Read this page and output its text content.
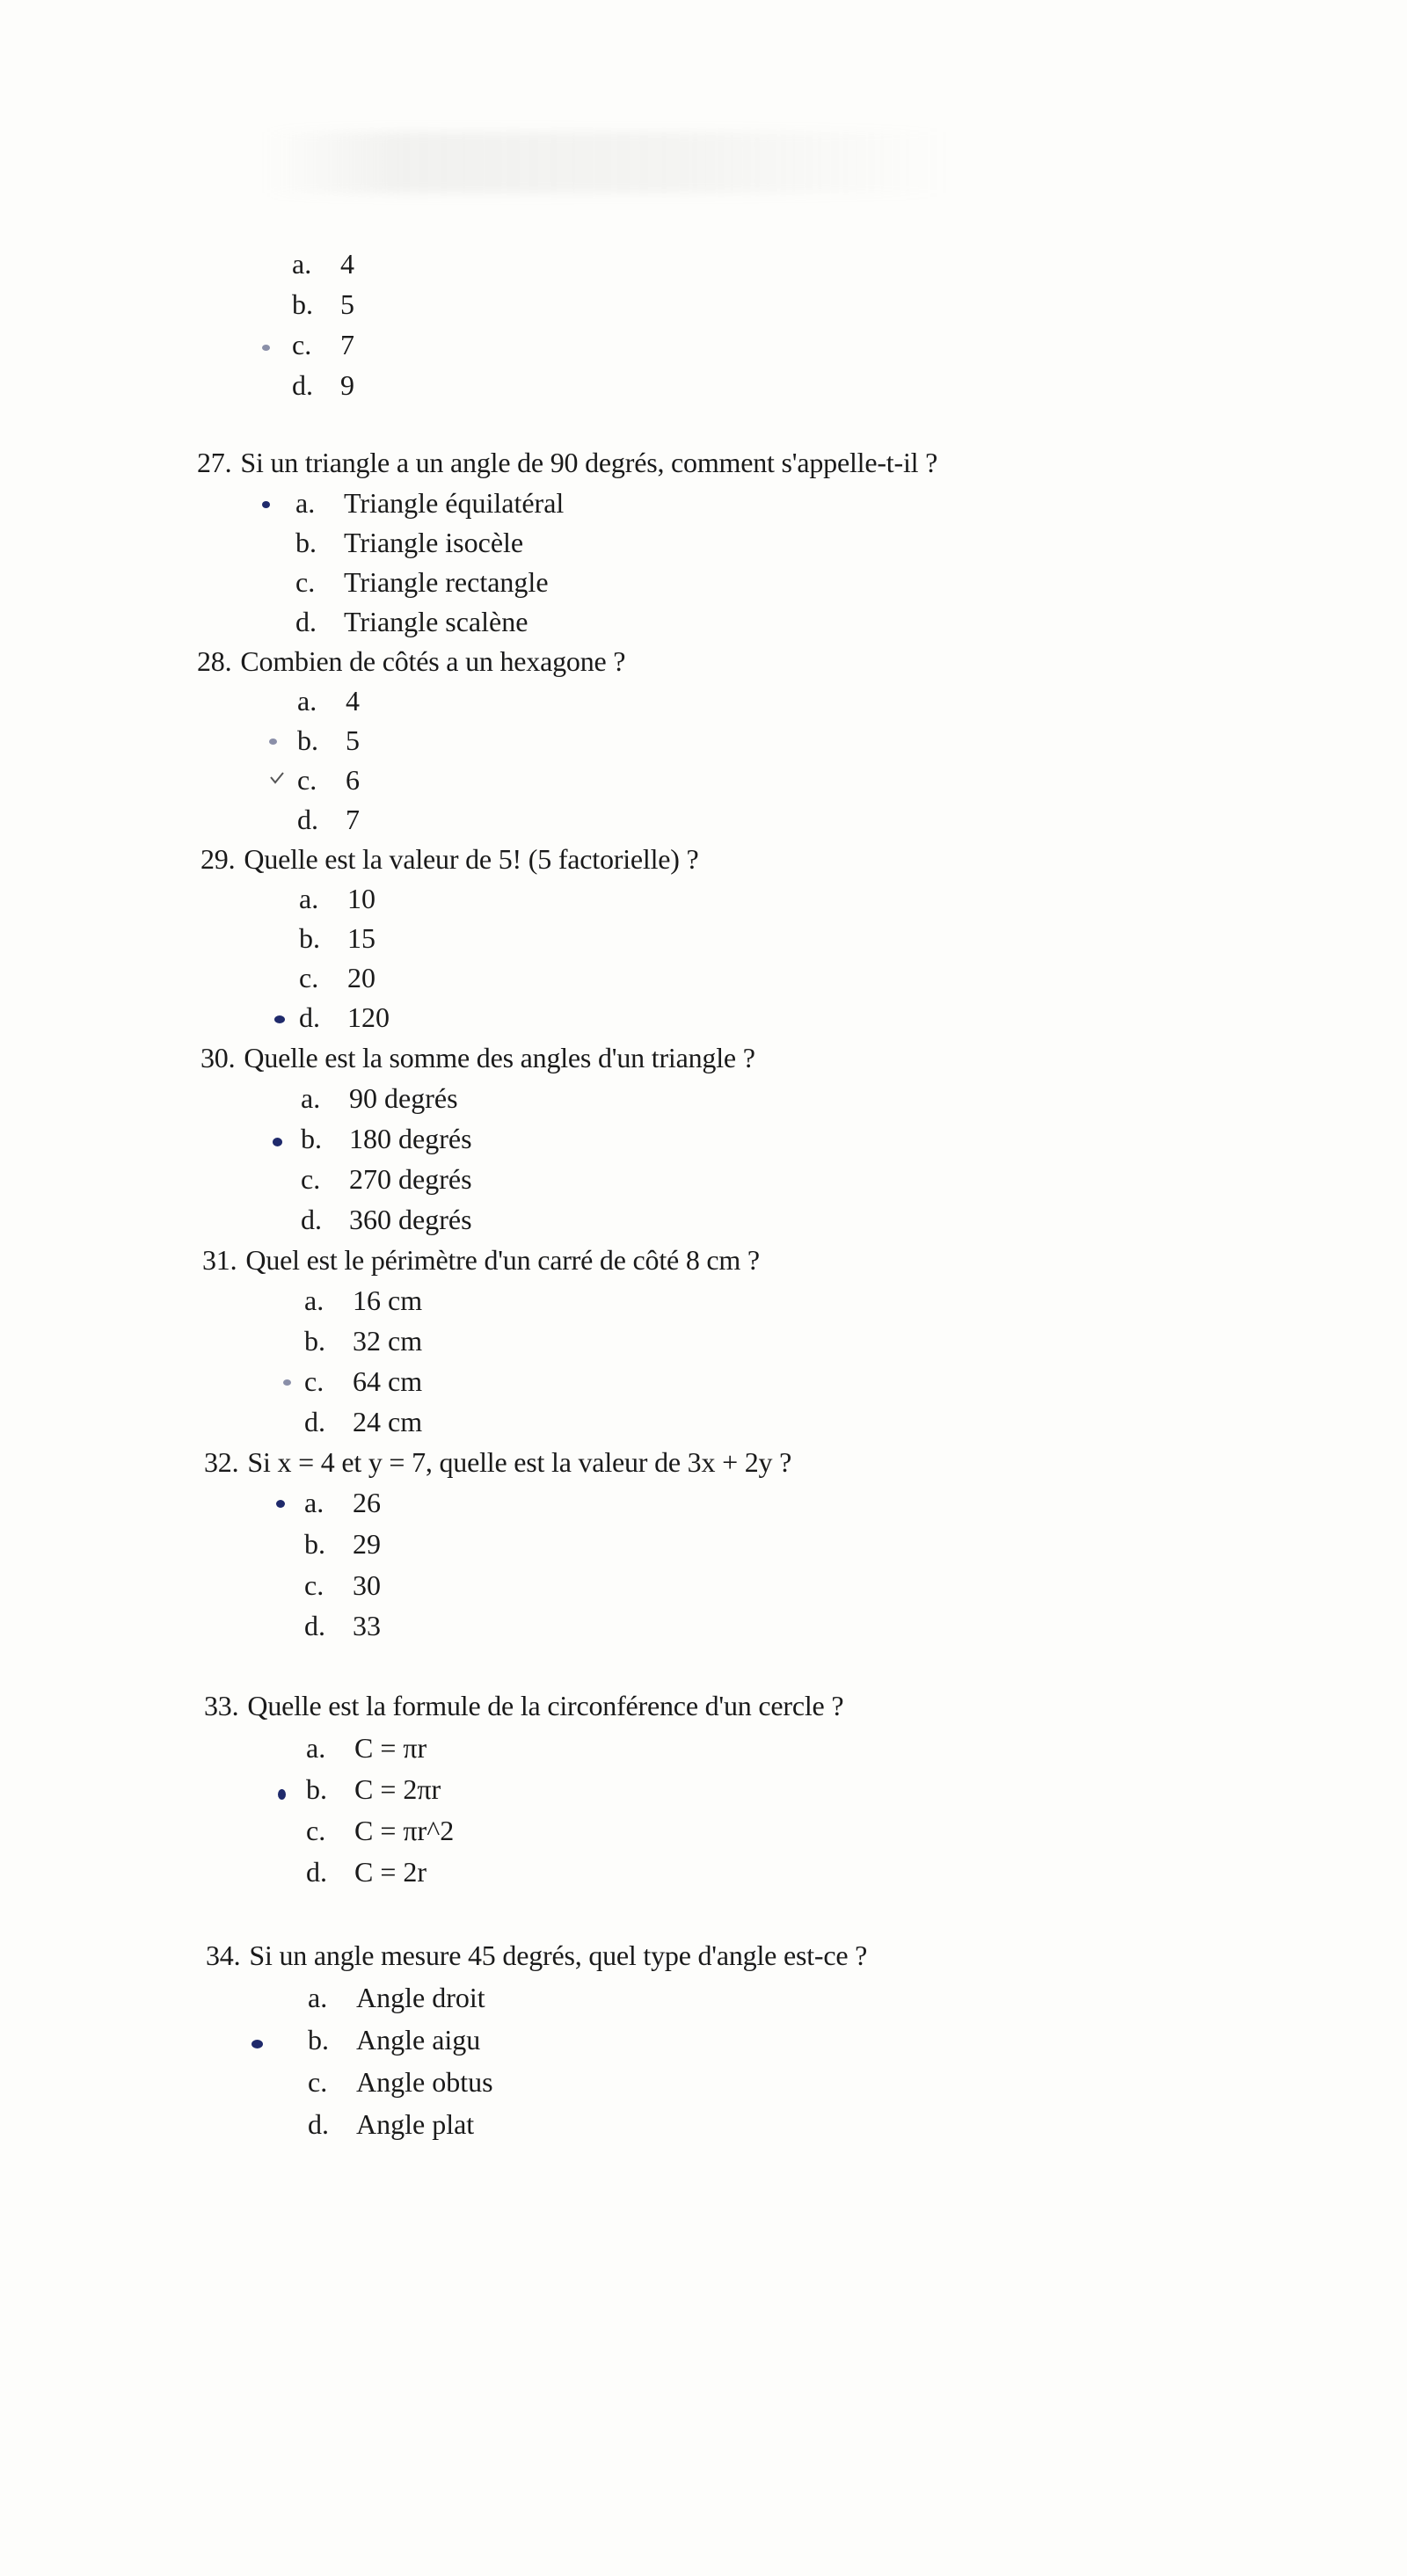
a. 4
b. 5
c. 7
d. 9
27. Si un triangle a un angle de 90 degrés, comment s'appelle-t-il ?
a. Triangle équilatéral
b. Triangle isocèle
c. Triangle rectangle
d. Triangle scalène
28. Combien de côtés a un hexagone ?
a. 4
b. 5
c. 6
d. 7
29. Quelle est la valeur de 5! (5 factorielle) ?
a. 10
b. 15
c. 20
d. 120
30. Quelle est la somme des angles d'un triangle ?
a. 90 degrés
b. 180 degrés
c. 270 degrés
d. 360 degrés
31. Quel est le périmètre d'un carré de côté 8 cm ?
a. 16 cm
b. 32 cm
c. 64 cm
d. 24 cm
32. Si x = 4 et y = 7, quelle est la valeur de 3x + 2y ?
a. 26
b. 29
c. 30
d. 33
33. Quelle est la formule de la circonférence d'un cercle ?
a. C = πr
b. C = 2πr
c. C = πr^2
d. C = 2r
34. Si un angle mesure 45 degrés, quel type d'angle est-ce ?
a. Angle droit
b. Angle aigu
c. Angle obtus
d. Angle plat
